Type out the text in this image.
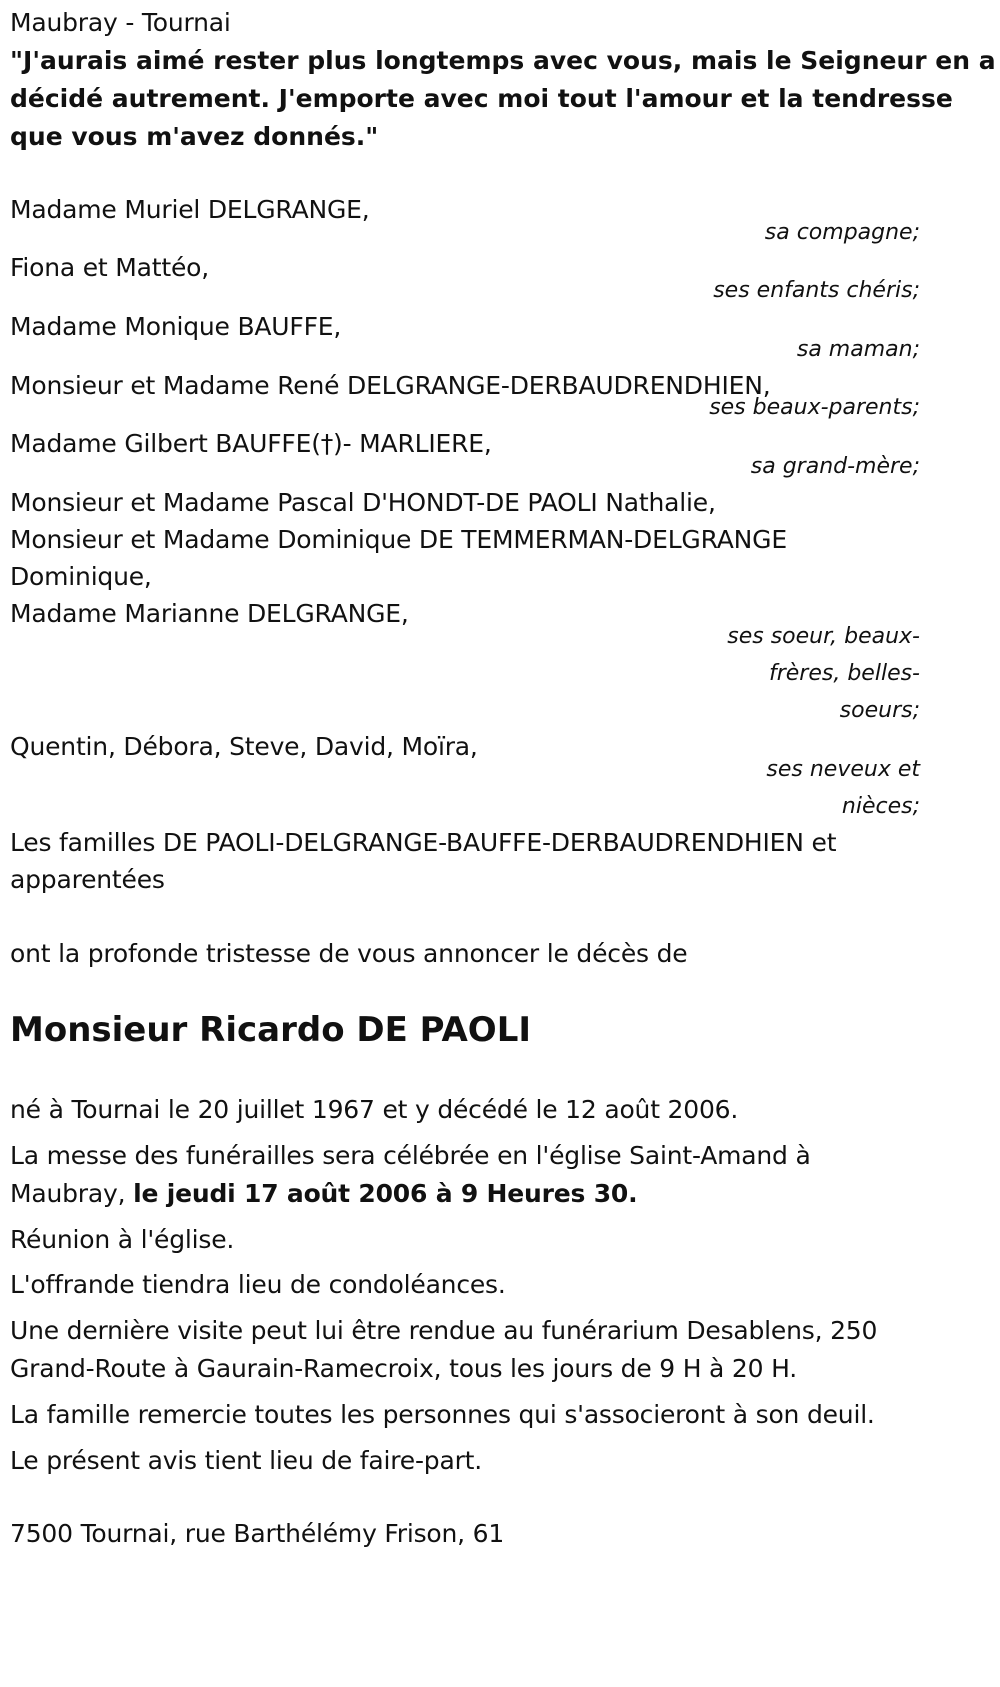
Maubray - Tournai
"J'aurais aimé rester plus longtemps avec vous, mais le Seigneur en a
décidé autrement. J'emporte avec moi tout l'amour et la tendresse
que vous m'avez donnés."
Madame Muriel DELGRANGE,
sa compagne;
Fiona et Mattéo,
ses enfants chéris;
Madame Monique BAUFFE,
sa maman;
Monsieur et Madame René DELGRANGE-DERBAUDRENDHIEN,
ses beaux-parents;
Madame Gilbert BAUFFE(†)- MARLIERE,
sa grand-mère;
Monsieur et Madame Pascal D'HONDT-DE PAOLI Nathalie,
Monsieur et Madame Dominique DE TEMMERMAN-DELGRANGE
Dominique,
Madame Marianne DELGRANGE,
ses soeur, beaux-
frères, belles-
soeurs;
Quentin, Débora, Steve, David, Moïra,
ses neveux et
nièces;
Les familles DE PAOLI-DELGRANGE-BAUFFE-DERBAUDRENDHIEN et
apparentées
ont la profonde tristesse de vous annoncer le décès de
Monsieur Ricardo DE PAOLI
né à Tournai le 20 juillet 1967 et y décédé le 12 août 2006.
La messe des funérailles sera célébrée en l'église Saint-Amand à
Maubray, le jeudi 17 août 2006 à 9 Heures 30.
Réunion à l'église.
L'offrande tiendra lieu de condoléances.
Une dernière visite peut lui être rendue au funérarium Desablens, 250
Grand-Route à Gaurain-Ramecroix, tous les jours de 9 H à 20 H.
La famille remercie toutes les personnes qui s'associeront à son deuil.
Le présent avis tient lieu de faire-part.
7500 Tournai, rue Barthélémy Frison, 61
